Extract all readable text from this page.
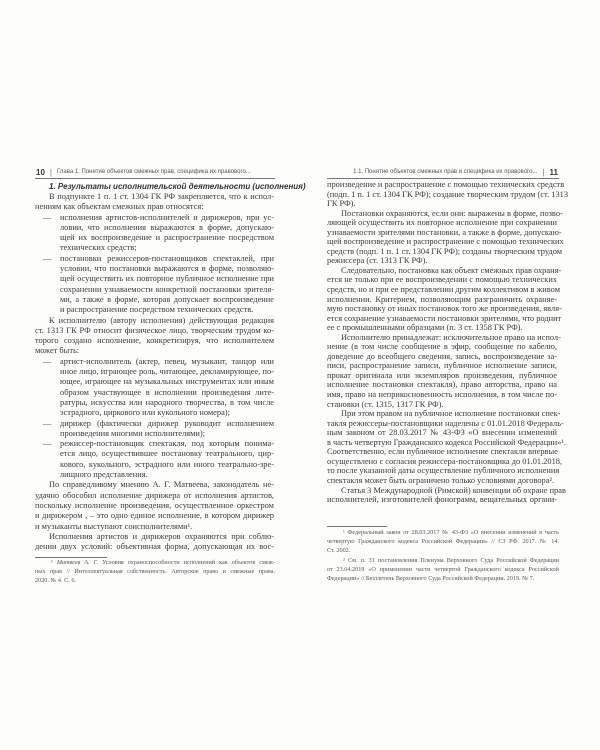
10 | Глава 1. Понятие объектов смежных прав, специфика их правового...	1.1. Понятие объектов смежных прав и специфика их правового... | 11
1. Результаты исполнительской деятельности (исполнения)
В подпункте 1 п. 1 ст. 1304 ГК РФ закрепляется, что к испол-
нениям как объектам смежных прав относятся:
— исполнения артистов-исполнителей и дирижеров, при ус-
ловии, что исполнения выражаются в форме, допускаю-
щей их воспроизведение и распространение посредством
технических средств;
— постановки режиссеров-постановщиков спектаклей, при
условии, что постановки выражаются в форме, позволяю-
щей осуществить их повторное публичное исполнение при
сохранении узнаваемости конкретной постановки зрителя-
ми, а также в форме, которая допускает воспроизведение
и распространение посредством технических средств.
К исполнителю (автору исполнения) действующая редакция
ст. 1313 ГК РФ относит физическое лицо, творческим трудом ко-
торого создано исполнение, конкретизируя, что исполнителем
может быть:
— артист-исполнитель (актер, певец, музыкант, танцор или
иное лицо, играющее роль, читающее, декламирующее, по-
ющее, играющее на музыкальных инструментах или иным
образом участвующее в исполнении произведения лите-
ратуры, искусства или народного творчества, в том числе
эстрадного, циркового или кукольного номера);
— дирижер (фактически дирижер руководит исполнением
произведения многими исполнителями);
— режиссер-постановщик спектакля, под которым понима-
ется лицо, осуществившее постановку театрального, цир-
кового, кукольного, эстрадного или иного театрально-зре-
лищного представления.
По справедливому мнению А. Г. Матвеева, законодатель не-
удачно обособил исполнение дирижера от исполнения артистов,
поскольку исполнение произведения, осуществленное оркестром
и дирижером , – это одно единое исполнение, в котором дирижер
и музыканты выступают соисполнителями¹.
Исполнения артистов и дирижеров охраняются при соблю-
дении двух условий: объективная форма, допускающая их вос-
¹ Матвеев А. Г. Условия охраноспособности исполнений как объектов смеж-
ных прав // Интеллектуальная собственность. Авторское право и смежные права.
2020. № 4. С. 6.
произведение и распространение с помощью технических средств
(подп. 1 п. 1 ст. 1304 ГК РФ); создание творческим трудом (ст. 1313
ГК РФ).
Постановки охраняются, если они: выражены в форме, позво-
ляющей осуществить их повторное исполнение при сохранении
узнаваемости зрителями постановки, а также в форме, допускаю-
щей воспроизведение и распространение с помощью технических
средств (подп. 1 п. 1 ст. 1304 ГК РФ); созданы творческим трудом
режиссера (ст. 1313 ГК РФ).
Следовательно, постановка как объект смежных прав охраня-
ется не только при ее воспроизведении с помощью технических
средств, но и при ее представлении другим коллективом в живом
исполнении. Критерием, позволяющим разграничить охраняе-
мую постановку от иных постановок того же произведения, явля-
ется сохранение узнаваемости постановки зрителями, что роднит
ее с промышленными образцами (п. 3 ст. 1358 ГК РФ).
Исполнителю принадлежат: исключительное право на испол-
нение (в том числе сообщение в эфир, сообщение по кабелю,
доведение до всеобщего сведения, запись, воспроизведение за-
писи, распространение записи, публичное исполнение записи,
прокат оригинала или экземпляров произведения, публичное
исполнение постановки спектакля), право авторства, право на
имя, право на неприкосновенность исполнения, в том числе по-
становки (ст. 1315, 1317 ГК РФ).
При этом правом на публичное исполнение постановки спек-
такля режиссеры-постановщики наделены с 01.01.2018 Федераль-
ным законом от 28.03.2017 № 43-ФЗ «О внесении изменений
в часть четвертую Гражданского кодекса Российской Федерации»¹.
Соответственно, если публичное исполнение спектакля впервые
осуществлено с согласия режиссера-постановщика до 01.01.2018,
то после указанной даты осуществление публичного исполнения
спектакля может быть ограничено только условиями договора².
Статья 3 Международной (Римской) конвенции об охране прав
исполнителей, изготовителей фонограмм, вещательных органи-
¹ Федеральный закон от 28.03.2017 № 43-ФЗ «О внесении изменений в часть
четвертую Гражданского кодекса Российской Федерации» // СЗ РФ. 2017. № 14.
Ст. 2002.
² См. п. 31 постановления Пленума Верховного Суда Российской Федерации
от 23.04.2019 «О применении части четвертой Гражданского кодекса Российской
Федерации» // Бюллетень Верховного Суда Российской Федерации. 2019. № 7.
